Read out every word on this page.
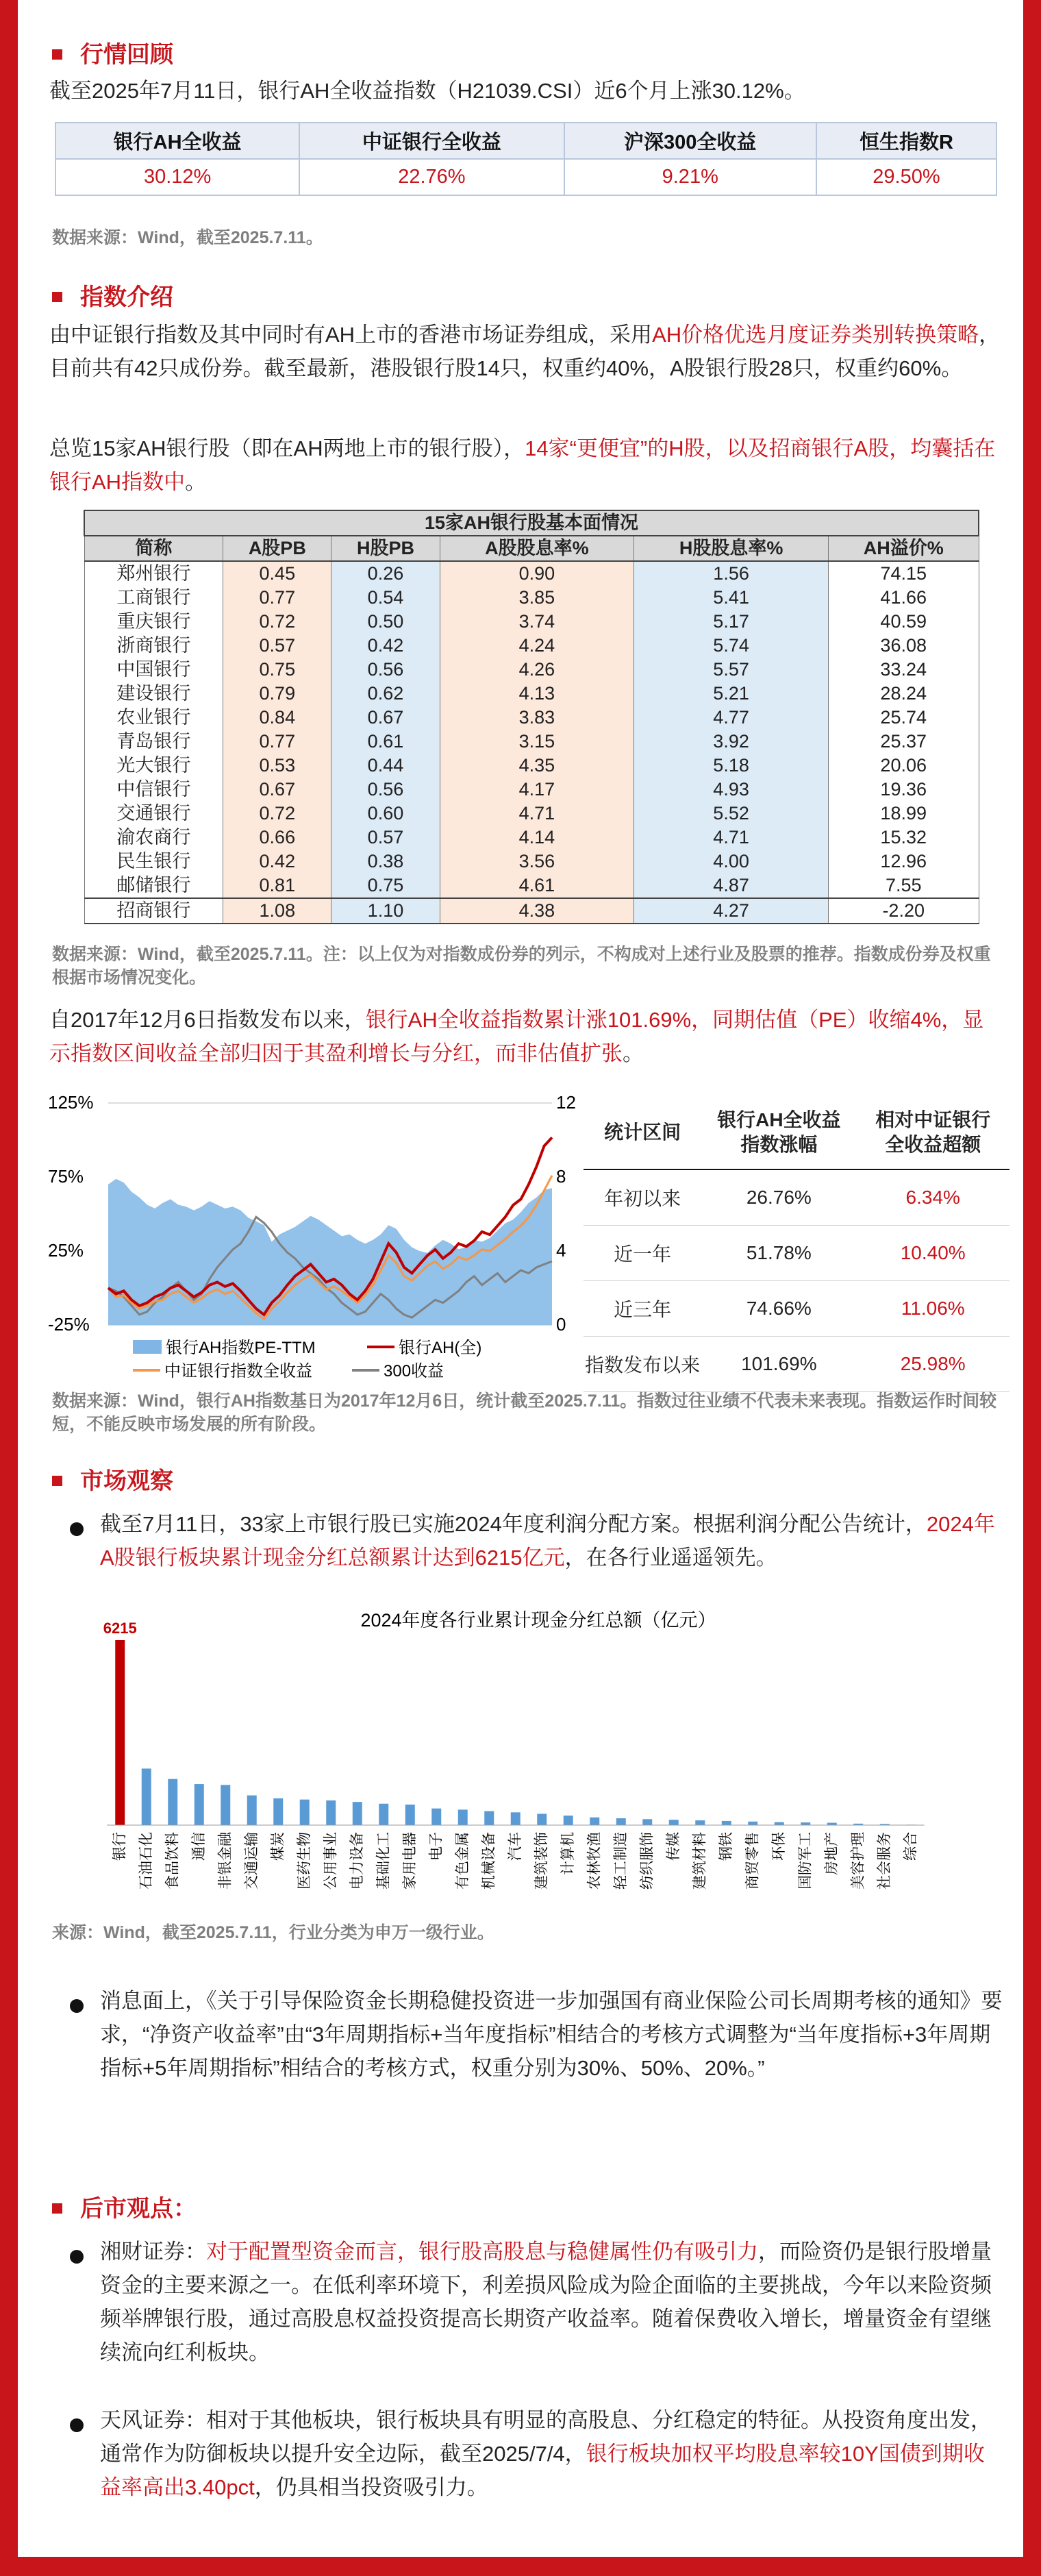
行情回顾
截至2025年7月11日，银行AH全收益指数（H21039.CSI）近6个月上涨30.12%。
银行AH全收益	中证银行全收益	沪深300全收益	恒生指数R
30.12%	22.76%	9.21%	29.50%
数据来源：Wind，截至2025.7.11。
指数介绍
由中证银行指数及其中同时有AH上市的香港市场证券组成，采用AH价格优选月度证券类别转换策略，目前共有42只成份券。截至最新，港股银行股14只，权重约40%，A股银行股28只，权重约60%。
总览15家AH银行股（即在AH两地上市的银行股），14家“更便宜”的H股，以及招商银行A股，均囊括在银行AH指数中。
15家AH银行股基本面情况					
简称	A股PB	H股PB	A股股息率%	H股股息率%	AH溢价%
郑州银行	0.45	0.26	0.90	1.56	74.15
工商银行	0.77	0.54	3.85	5.41	41.66
重庆银行	0.72	0.50	3.74	5.17	40.59
浙商银行	0.57	0.42	4.24	5.74	36.08
中国银行	0.75	0.56	4.26	5.57	33.24
建设银行	0.79	0.62	4.13	5.21	28.24
农业银行	0.84	0.67	3.83	4.77	25.74
青岛银行	0.77	0.61	3.15	3.92	25.37
光大银行	0.53	0.44	4.35	5.18	20.06
中信银行	0.67	0.56	4.17	4.93	19.36
交通银行	0.72	0.60	4.71	5.52	18.99
渝农商行	0.66	0.57	4.14	4.71	15.32
民生银行	0.42	0.38	3.56	4.00	12.96
邮储银行	0.81	0.75	4.61	4.87	7.55
招商银行	1.08	1.10	4.38	4.27	-2.20
数据来源：Wind，截至2025.7.11。注：以上仅为对指数成份券的列示，不构成对上述行业及股票的推荐。指数成份券及权重根据市场情况变化。
自2017年12月6日指数发布以来，银行AH全收益指数累计涨101.69%，同期估值（PE）收缩4%，显示指数区间收益全部归因于其盈利增长与分红，而非估值扩张。
125%
75%
25%
-25%
12
8
4
0
银行AH指数PE-TTM	银行AH(全)
中证银行指数全收益	300收益
统计区间	银行AH全收益指数涨幅	相对中证银行全收益超额
年初以来	26.76%	6.34%
近一年	51.78%	10.40%
近三年	74.66%	11.06%
指数发布以来	101.69%	25.98%
数据来源：Wind，银行AH指数基日为2017年12月6日，统计截至2025.7.11。指数过往业绩不代表未来表现。指数运作时间较短，不能反映市场发展的所有阶段。
市场观察
截至7月11日，33家上市银行股已实施2024年度利润分配方案。根据利润分配公告统计，2024年A股银行板块累计现金分红总额累计达到6215亿元，在各行业遥遥领先。
2024年度各行业累计现金分红总额（亿元）
银行 石油石化 食品饮料 通信 非银金融 交通运输 煤炭 医药生物 公用事业 电力设备 基础化工 家用电器 电子 有色金属 机械设备 汽车 建筑装饰 计算机 农林牧渔 轻工制造 纺织服饰 传媒 建筑材料 钢铁 商贸零售 环保 国防军工 房地产 美容护理 社会服务 综合
6215
来源：Wind，截至2025.7.11，行业分类为申万一级行业。
消息面上，《关于引导保险资金长期稳健投资进一步加强国有商业保险公司长周期考核的通知》要求，“净资产收益率”由“3年周期指标+当年度指标”相结合的考核方式调整为“当年度指标+3年周期指标+5年周期指标”相结合的考核方式，权重分别为30%、50%、20%。”
后市观点：
湘财证券：对于配置型资金而言，银行股高股息与稳健属性仍有吸引力，而险资仍是银行股增量资金的主要来源之一。在低利率环境下，利差损风险成为险企面临的主要挑战，今年以来险资频频举牌银行股，通过高股息权益投资提高长期资产收益率。随着保费收入增长，增量资金有望继续流向红利板块。
天风证券：相对于其他板块，银行板块具有明显的高股息、分红稳定的特征。从投资角度出发，通常作为防御板块以提升安全边际，截至2025/7/4，银行板块加权平均股息率较10Y国债到期收益率高出3.40pct，仍具相当投资吸引力。
